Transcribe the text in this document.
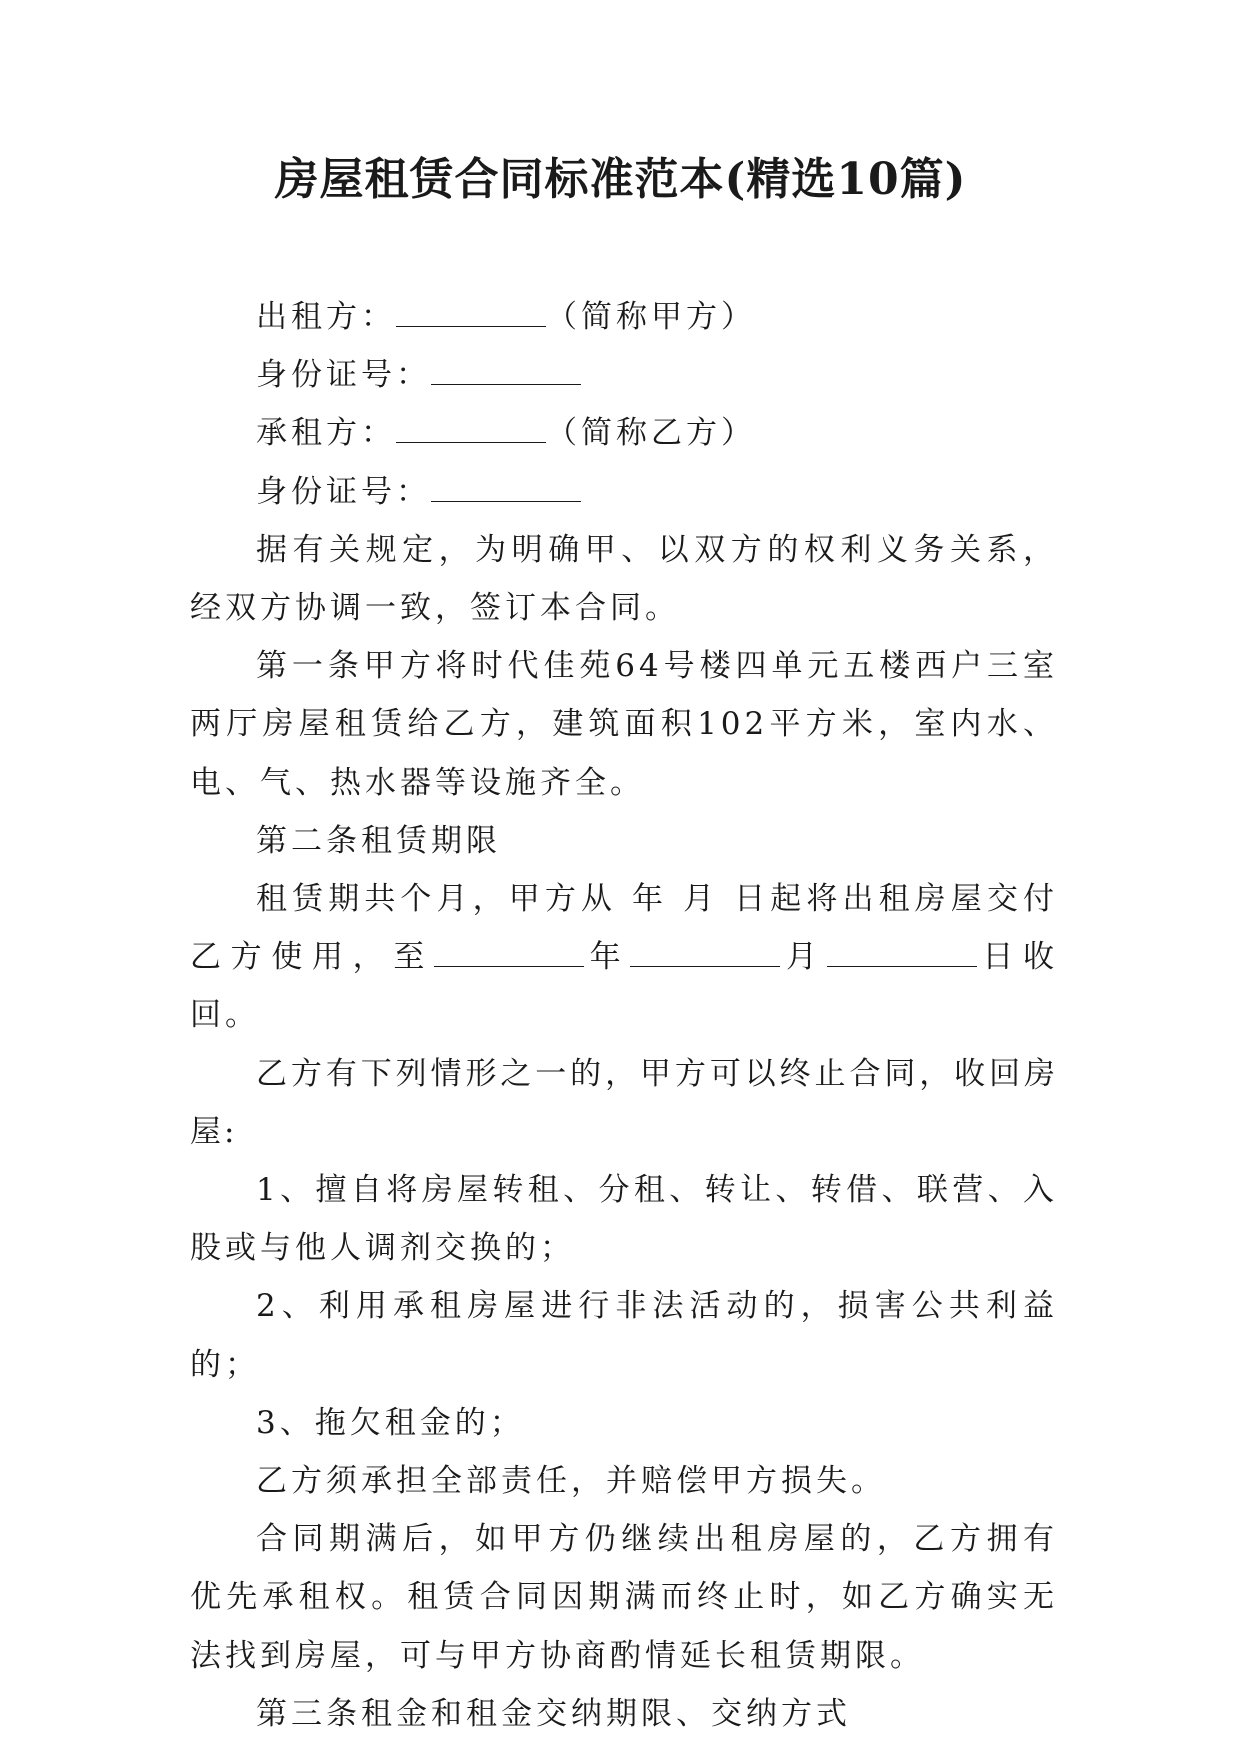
房屋租赁合同标准范本(精选10篇)

出租方：	（简称甲方）

身份证号：

承租方：	（简称乙方）

身份证号：

据有关规定，为明确甲、以双方的权利义务关系，经双方协调一致，签订本合同。

第一条甲方将时代佳苑64号楼四单元五楼西户三室两厅房屋租赁给乙方，建筑面积102平方米，室内水、电、气、热水器等设施齐全。

第二条租赁期限

租赁期共个月，甲方从 年 月 日起将出租房屋交付乙方使用，至	年	月	日收回。

乙方有下列情形之一的，甲方可以终止合同，收回房屋:

1、擅自将房屋转租、分租、转让、转借、联营、入股或与他人调剂交换的；

2、利用承租房屋进行非法活动的，损害公共利益的；

3、拖欠租金的；

乙方须承担全部责任，并赔偿甲方损失。

合同期满后，如甲方仍继续出租房屋的，乙方拥有优先承租权。租赁合同因期满而终止时，如乙方确实无法找到房屋，可与甲方协商酌情延长租赁期限。

第三条租金和租金交纳期限、交纳方式
